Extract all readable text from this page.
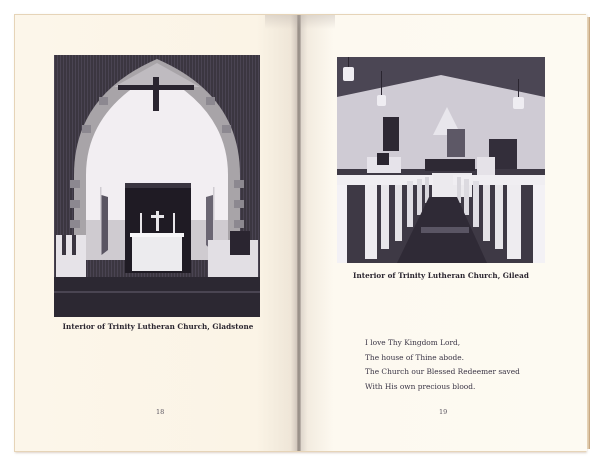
Interior of Trinity Lutheran Church, Gladstone
18
Interior of Trinity Lutheran Church, Gilead
I love Thy Kingdom Lord,
The house of Thine abode.
The Church our Blessed Redeemer saved
With His own precious blood.
19
